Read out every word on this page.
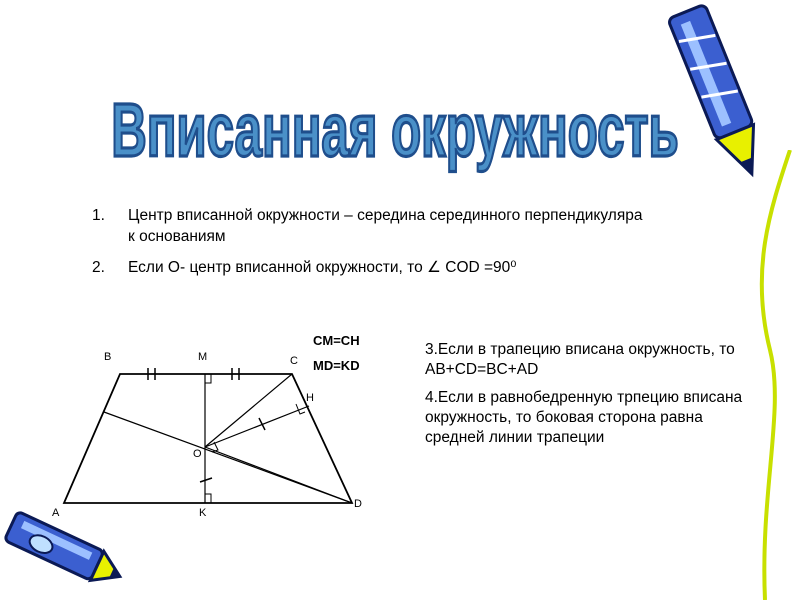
Вписанная окружность
1.	Центр вписанной окружности – середина серединного перпендикуляра к основаниям
2.	Если О- центр вписанной окружности, то ∠ COD =90⁰
CM=CH
MD=KD
B	M	C
H
O
A	K
D

3.Если в трапецию вписана окружность, то AB+CD=BC+AD

4.Если в равнобедренную трпецию вписана окружность, то боковая сторона равна средней линии трапеции
